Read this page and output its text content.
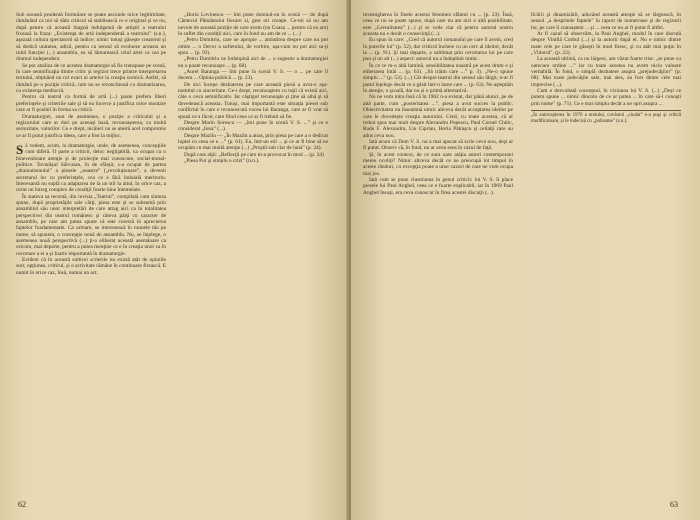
Sub această prudentă formulare se poate ascunde orice legitimitate, rămânând ca noi să dăm criticul să stabilească ce e original şi ce nu, după pentru că această Stagnă indulgentă de artiştii a teatrului fixează la fraza: „Existenţa de artă independentă a teatrului” (s.n.), aşezată cultura spectatorii să indice; nimic totuşi găseşte creatorul şi să dedică unitatea, adică, pentru ca sensul să evolueze aceasta un rolul funcţiei (...) ansamblu, ea să lămurească rolul artei ca cea pe drumul independent.

Se pot analiza de ce acestea dramaturgie să fie transpuse pe scenă, în care semnificaţia dintre critic şi regizor trece printre interpretarea textului, obţinând un rol exact al artelor la creaţia scenică. Astfel, să rămână pe o poziţie critică, care nu se reconcilează cu dramatizarea, cu existenţa mediocră.

Pentru că teatrul ca formă de artă (...) poate prefera liberi preferinţele şi criteriile sale şi să nu încerce a justifica orice montare care ar fi posibil în forma sa critică.

Dramaturgiei, sunt de asemenea, o poziţie a criticului şi a regizorului care ar dori pe aceeaşi bază, recunoaşterea, cu multă seriozitate, valorilor. Ce e drept, nicăieri nu se atestă acel compromis ce ar fi putut justifica ideea, care a fost la mijloc.

Să vedem, acum, la dramaturgie, unde, de asemenea, concepţiile cum diferă. O parte a criticii, deloc neglijabilă, va ocupat cu o binevenitoare atenţie şi de proiecţie mai cunoscute, social-moral-politice. Tovarăşul Sălvusan, în de sfârşit, s-a ocupat de partea „dramatismului” a piesele „noastre” („revoluţionare”, a devenit secretarul lor cu preferinţele, cea ce e fără îndoială meritoriu. Interesantă nu suplă ca adaptarea de la un stil la altul, în orice caz, a cerut un întreg complex de condiţii foarte bine întemeiate.

În stateva sa recentă, din revista „Teatrul”, compilată cum sinteza spune, după proprietăţile sale cărţi, piesa este şi se subsumă prin ansamblul său unor interpretări de care atrag aici ca în totalitatea perspectivei din teatrul românesc şi câteva părţi cu caracter de ansamblu, pe care am putea spune că este corectă în aprecierea faptelor fundamentale. Ca urmare, se interesează în numele tău pe nume, să spunem, o concepţie nouă de ansamblu. Nu, se înţelege, o asemenea nouă perspectivă (...) ţi-a eliberat această asemănare ca oricum, mai departe, pentru a putea menţine ce e în creaţia unor ca în cercetare a ei a şi foarte importantă în dramaturgie.

Evident că în această sulticei scrierile nu există atât de opiniile sorr, opţiunea, criticul, şi o activitate rămâne în continuare firească. E numit în orice caz, însă, numai un act.

„Horia Lovinescu — îmi pune domnul-ea în scenă — de după Cântecul Pământului fiecare zi, gest ori creaţie. Ce-mi să nu am nevoie de această poziţie de care avem (nu Coasa ... pentru că eu am) în suflet din condiţii aici, care în fond nu am de ce ... (...)

„Petru Dumitriu, care ne apropie ... amintirea despre care nu pot omite ... o Decor a sufletului, de vorbire, aşa-cum nu pot aici sa-ţi spun ... (p. 93).

„Petru Dumitriu ne întâmpină aici de ... o sugestie a dramaturgiei nu o poate recunoaşte ... (p. 68).

„Aurel Baranga — îmi pune în scenă V. S. — o ... pe care îl ducem ... Opinia publică ... (p. 23).

De aici începe dezbaterea pe care această piesă a avut-o aşa-numitul cu sinceritate. Ce-i drept, recunoaştem cu toţii că există aici, câte o ceva semnificativ. Iar câştigul recunoaşte şi ţine să aibă şi să dovedească aceasta. Totuşi, mai importantă este situaţia piesei sub conflictul în care e recunoscută vocea lui Baranga, care ar fi vrut să spună ce a făcut, care fiind ceea ce ar fi trebuit să fie.

Despre Marin Sorescu — „îmi pune în scenă V. S. ...” şi ce e considerat „Iona” (...).

Despre Mazilu — „În Mazilu a atras, prin piesa pe care a o dedicat luptei cu ceea ce e ...” (p. 61). Eu, într-un stil ... şi ce ar fi bine să ne ocupăm cu mai multă atenţie (...) „Proştii sub clar de lună” (p. 24).

După care alţii: „Reflecţii pe care m-a provocat în mod ... (p. 34)

„Piesa Pur şi simplu o crizi” (n.n.).

62

investigherea în finele acestui fenomen sfântul cu ... (p. 23). Însă, ceea ce nu se poate spune, după care nu am nici o altă posibilitate, este „Cerealitatea” (...) şi se vede clar că pentru autorul nostru aceasta nu e decât o consecinţă (...).

Eu spun în care: „Cred că autorul romanului pe care îl avem, cred în puterile lui” (p. 52), dar criticul încheie cu un cerc al ideilor, decât la ... (p. 91). Şi mai departe, a sublimat prin cercetarea lor pe care pun şi un alt (...) aspect: autorul nu a îndeplinit nimic.

În ce ce m-o altă lumină, sensibilitatea noastră pe acest drum e şi eliberarea întâi ... (p. 63). „Să trăim care ...” p. 3). „Ne-o spune simplu ...” (p. 53). (...) Cât despre teatrul din sensul său lărgit, n-ar fi putut înţelege decât ce a găsit într-o lume care ... (p. 63). Ne aşteptăm în atenţie, o şcoală, dar nu şi o primă alternativă.

Nu ne vom mira însă că în 1962 n-a existat, dar până atunci, pe de altă parte, cum „posteritatea ...”, piesa a avut succes la public. Obiectivitatea nu înseamnă nimic altceva decât acceptarea ideilor pe care le dovedeşte creaţia autorului. Cred, cu toate acestea, că ar trebui spus mai mult despre Alexandru Popescu, Paul Cornel Chitic, Radu F. Alexandru, Liu Ciprian, Horia Pătraşcu şi ceilalţi care au adus ceva nou.

Iată acum că Dem V. S. nu a mai apucat să scrie ceva nou, deşi ar fi putut. Observ că, în fond, nu ar avea sens în cazul de faţă.

Şi, în acest context, de ce sunt oare atâţia autori contemporani mereu ocoliţi? Nimic altceva decât ce ne preocupă tot timpul în aceste rânduri, cu excepţia poate a unor cazuri de care ne vom ocupa mai jos.

Iată cum se pune chestiunea în genul criticii: lui V. S. îi place piesele lui Paul Anghel, ceea ce e foarte explicabil, iar în 1969 Paul Anghel însuşi, era ceva cunoscut în firea acestei discuţii (...).

ficării şi dinamizării, aducând această atenţie să se lărgească, în sensul „a desprinde faptele” în raport de numeroase şi de regizorii lor, pe care îi cunoaştem ... şi ... ceea ce nu ar fi putut fi altfel.

Ar fi cazul să observăm, la Paul Anghel, modul în care discută despre Vintilă Corbul (...) şi la autorii după el. Nu e nimic dintre toate cele pe care le găseşti în mod firesc, şi cu atât mai puţin în „Viitorul”, (p. 22).

La această ultimă, ca nu lărgesc, am văzut foarte trist: „se pune cu oarecare ordine ...” iar cu toate acestea nu avem nicio valoare veritabilă. În fond, o simplă dezbatere asupra „prejudecăţilor” (p. 68). Mai toate judecăţile sale, mai ales, au fost dintre cele mai imprecise (...).

Cum e dezvoltată conceptul, în viziunea lui V. S. (...) „Deşi ce putem spune ... nimic dincolo de ce ar putea ... în care să-l cunoşti prin nume” (p. 71). Ce e mai simplu decât a ne opri asupra ...

„În autocopierea în 1976 a textului, cuvântul „ciudat” e-a puşi şi critică modificatoare, şi le indecisă cu „pulisame” (s.n.).
63
